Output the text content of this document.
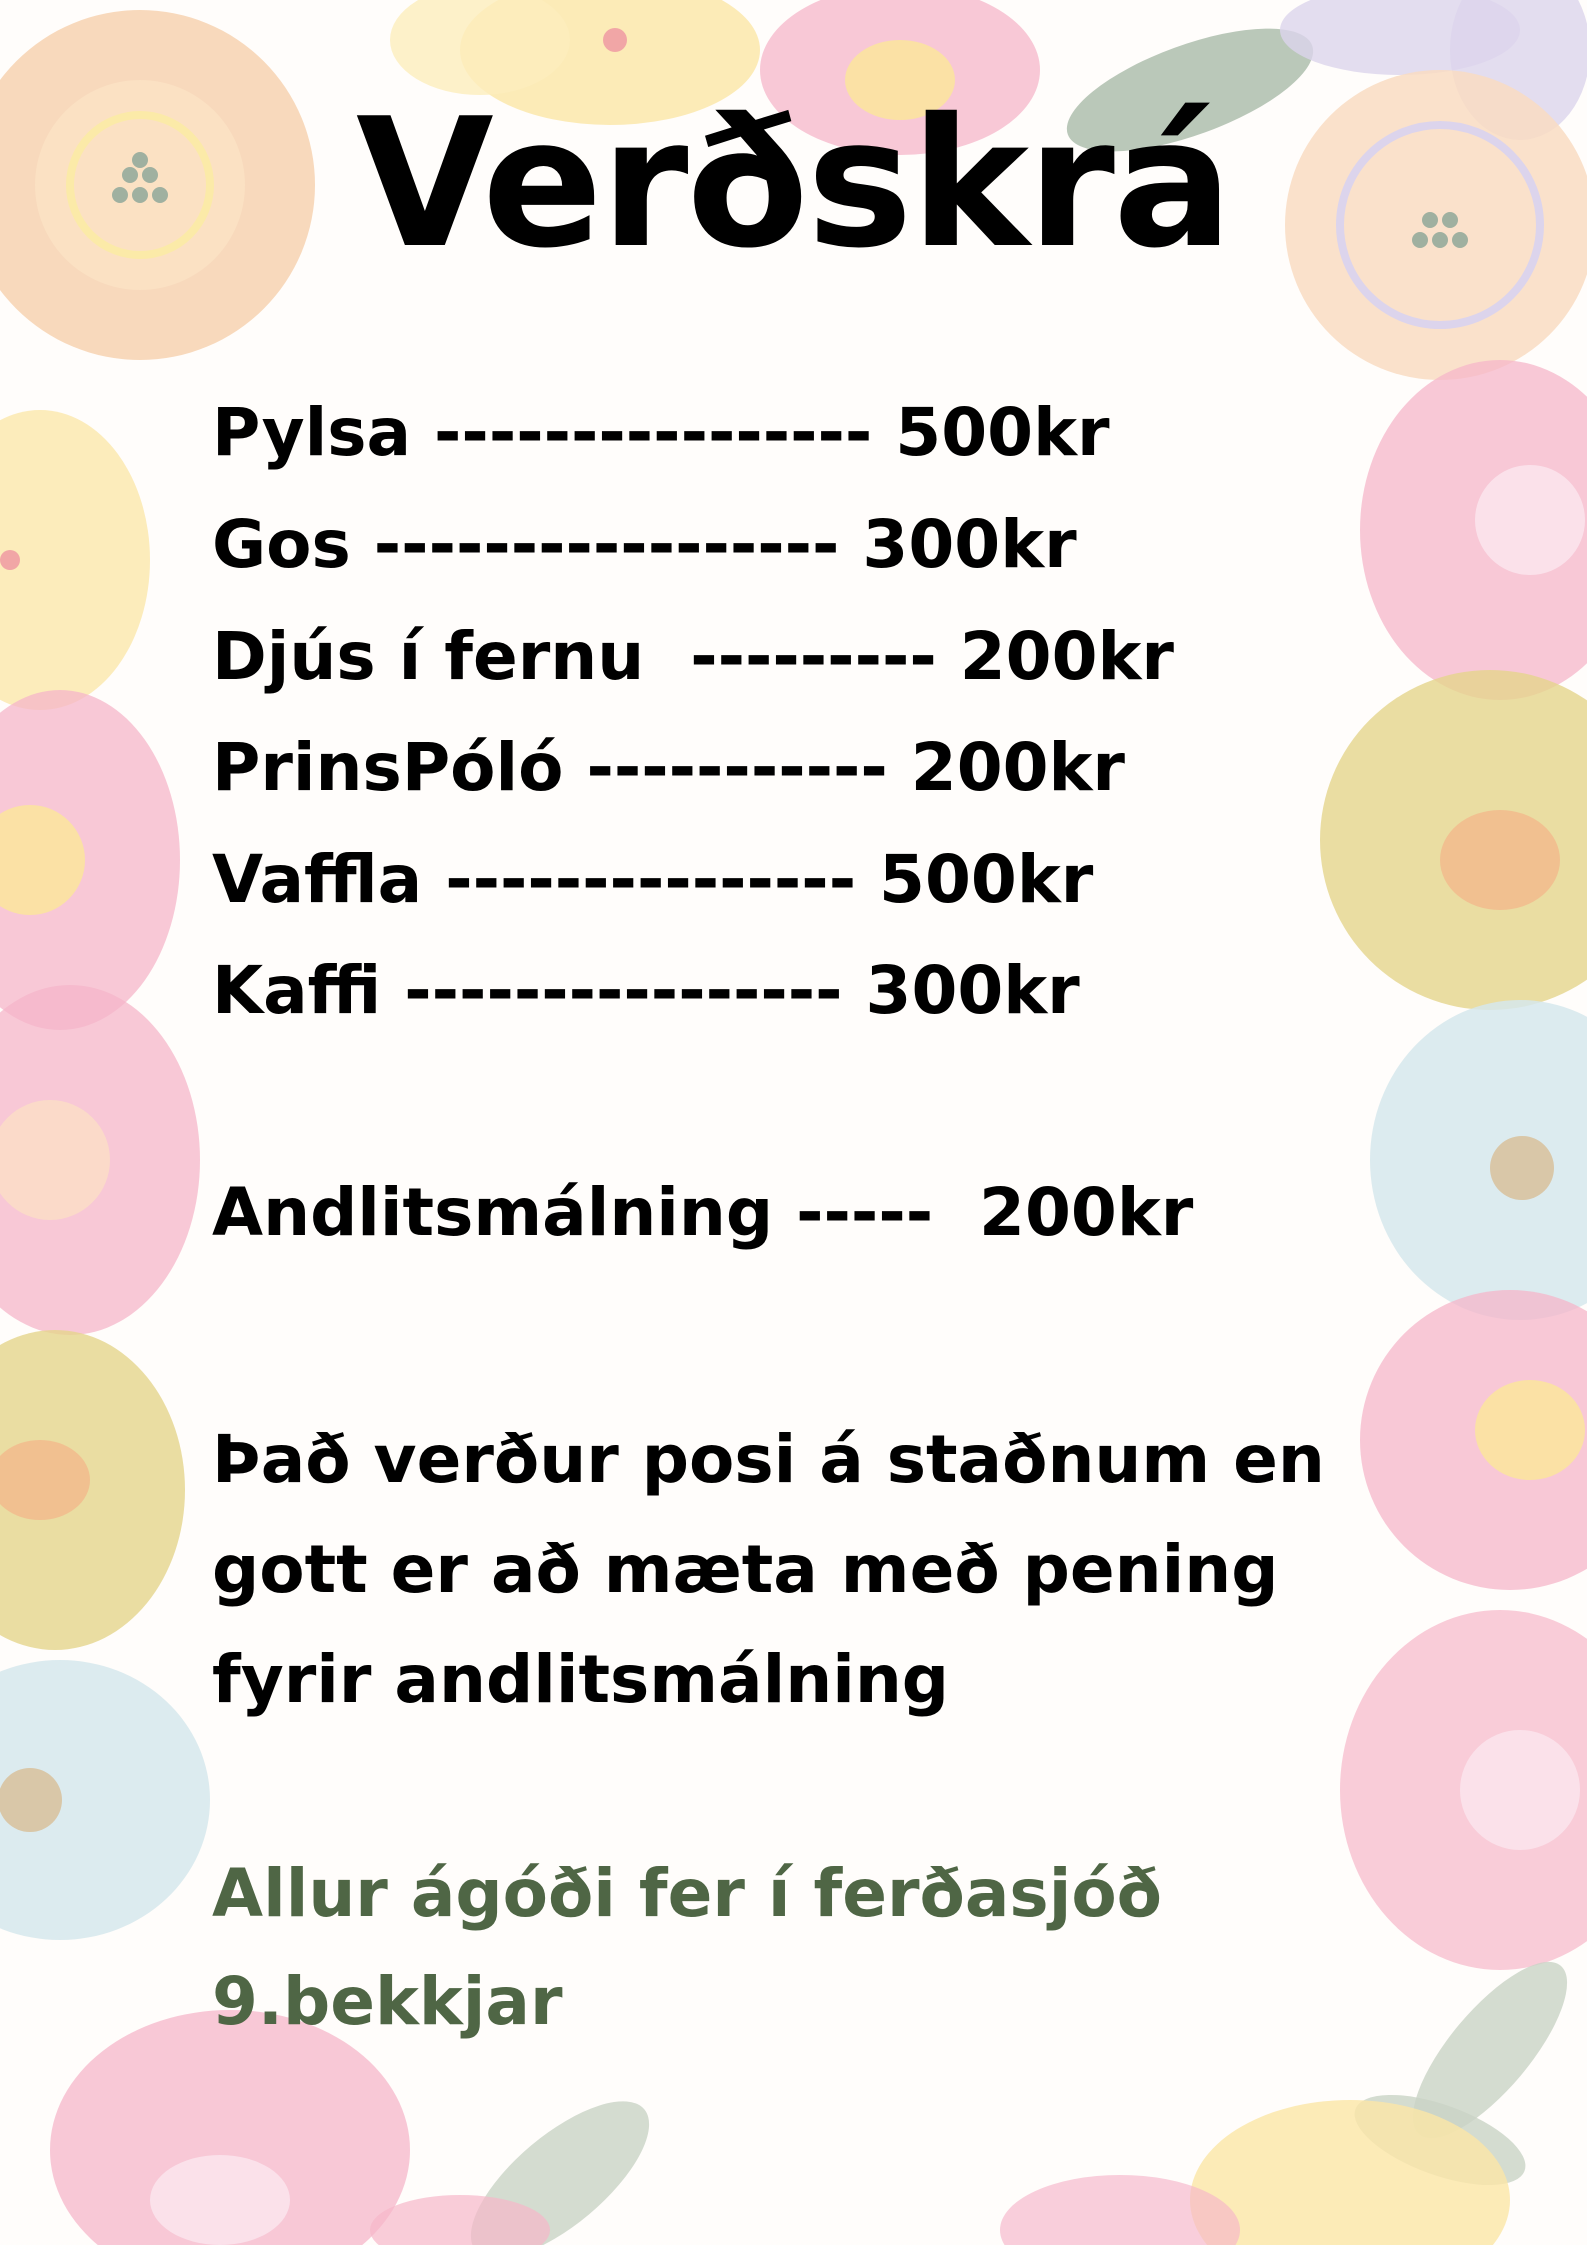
Verðskrá
Pylsa ---------------- 500kr
Gos ----------------- 300kr
Djús í fernu  --------- 200kr
PrinsPóló ----------- 200kr
Vaffla --------------- 500kr
Kaffi ---------------- 300kr
Andlitsmálning -----  200kr
Það verður posi á staðnum en
gott er að mæta með pening
fyrir andlitsmálning
Allur ágóði fer í ferðasjóð
9.bekkjar
